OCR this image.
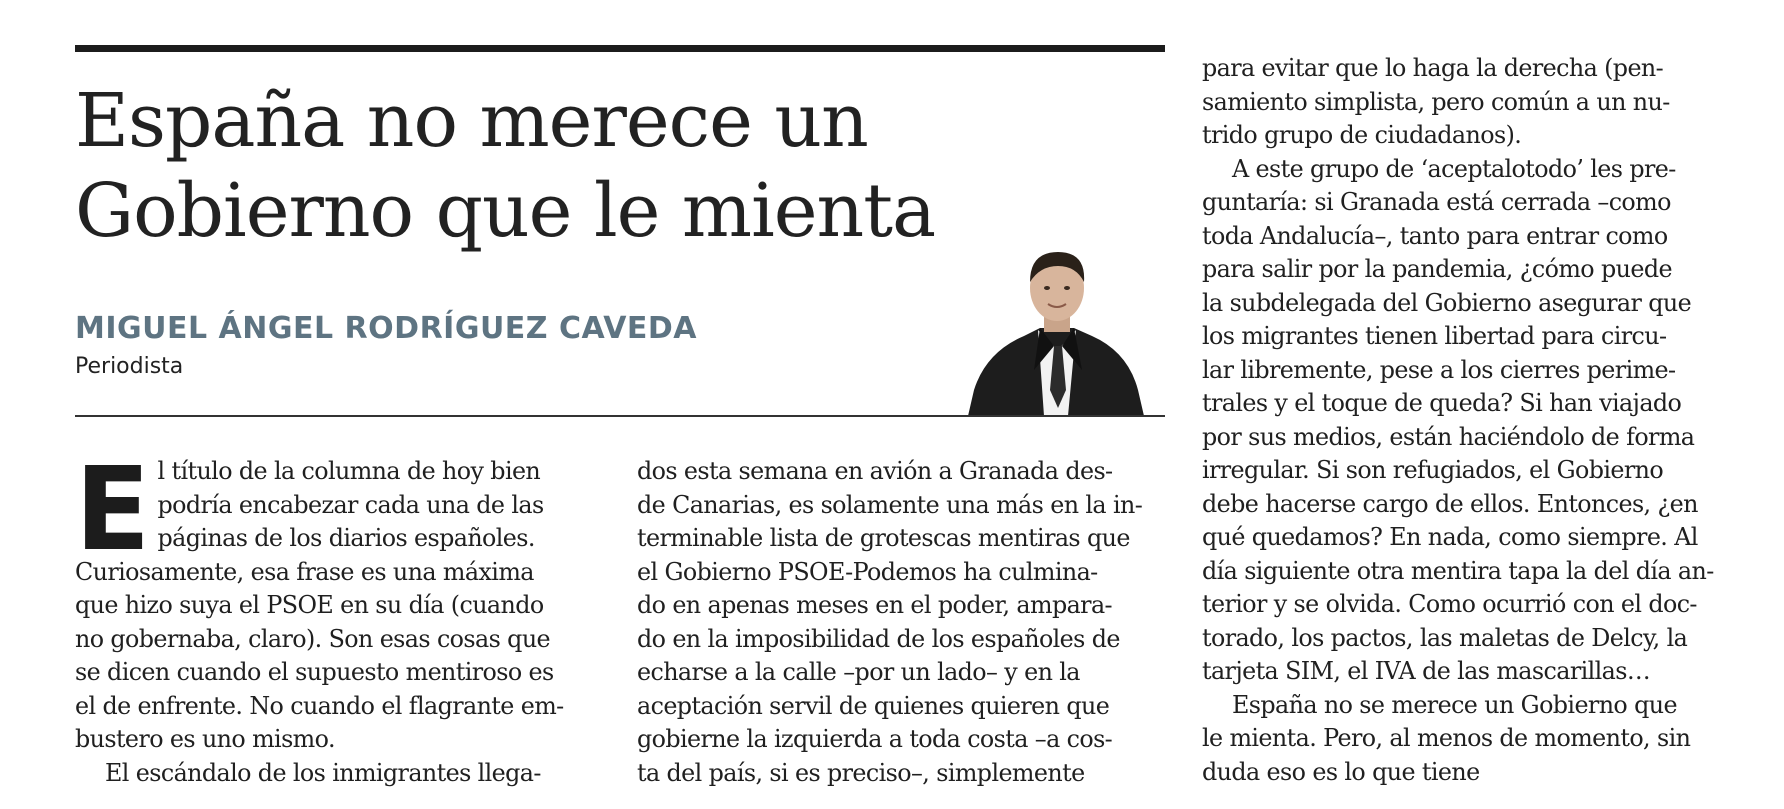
España no merece un
Gobierno que le mienta
MIGUEL ÁNGEL RODRÍGUEZ CAVEDA
Periodista

E l título de la columna de hoy bien
podría encabezar cada una de las
páginas de los diarios españoles.
Curiosamente, esa frase es una máxima
que hizo suya el PSOE en su día (cuando
no gobernaba, claro). Son esas cosas que
se dicen cuando el supuesto mentiroso es
el de enfrente. No cuando el flagrante em-
bustero es uno mismo.

El escándalo de los inmigrantes llega-

dos esta semana en avión a Granada des-
de Canarias, es solamente una más en la in-
terminable lista de grotescas mentiras que
el Gobierno PSOE-Podemos ha culmina-
do en apenas meses en el poder, ampara-
do en la imposibilidad de los españoles de
echarse a la calle –por un lado– y en la
aceptación servil de quienes quieren que
gobierne la izquierda a toda costa –a cos-
ta del país, si es preciso–, simplemente

para evitar que lo haga la derecha (pen-
samiento simplista, pero común a un nu-
trido grupo de ciudadanos).

A este grupo de ‘aceptalotodo’ les pre-
guntaría: si Granada está cerrada –como
toda Andalucía–, tanto para entrar como
para salir por la pandemia, ¿cómo puede
la subdelegada del Gobierno asegurar que
los migrantes tienen libertad para circu-
lar libremente, pese a los cierres perime-
trales y el toque de queda? Si han viajado
por sus medios, están haciéndolo de forma
irregular. Si son refugiados, el Gobierno
debe hacerse cargo de ellos. Entonces, ¿en
qué quedamos? En nada, como siempre. Al
día siguiente otra mentira tapa la del día an-
terior y se olvida. Como ocurrió con el doc-
torado, los pactos, las maletas de Delcy, la
tarjeta SIM, el IVA de las mascarillas…

España no se merece un Gobierno que
le mienta. Pero, al menos de momento, sin
duda eso es lo que tiene
